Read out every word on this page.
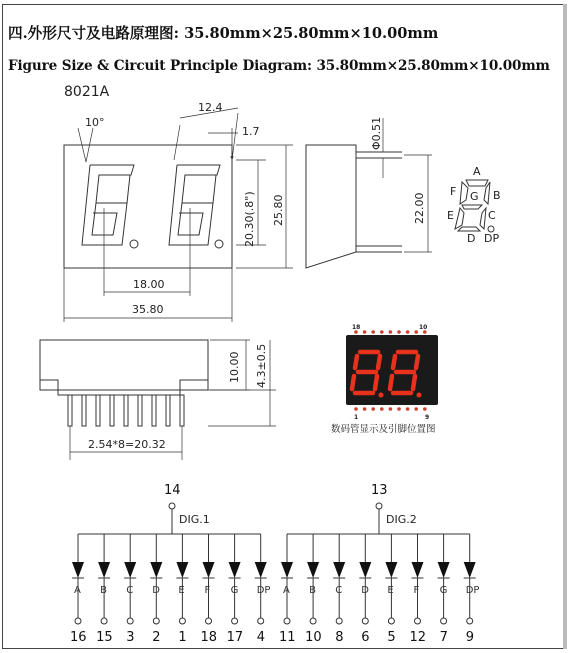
四.外形尺寸及电路原理图: 35.80mm×25.80mm×10.00mm
Figure Size & Circuit Principle Diagram: 35.80mm×25.80mm×10.00mm
8021A
10°
12.4
1.7
20.30(.8") 25.80
18.00
35.80
Φ0.51
22.00
A
B
C
D
E
F G
DP
10.00 4.3±0.5
2.54*8=20.32
18	10
1	9
数码管显示及引脚位置图
14
DIG.1
A
16
B
15
C
3
D
2
E
1
F
18
G
17
DP
4
13
DIG.2
A
11
B
10
C
8
D
6
E
5
F
12
G
7
DP
9
